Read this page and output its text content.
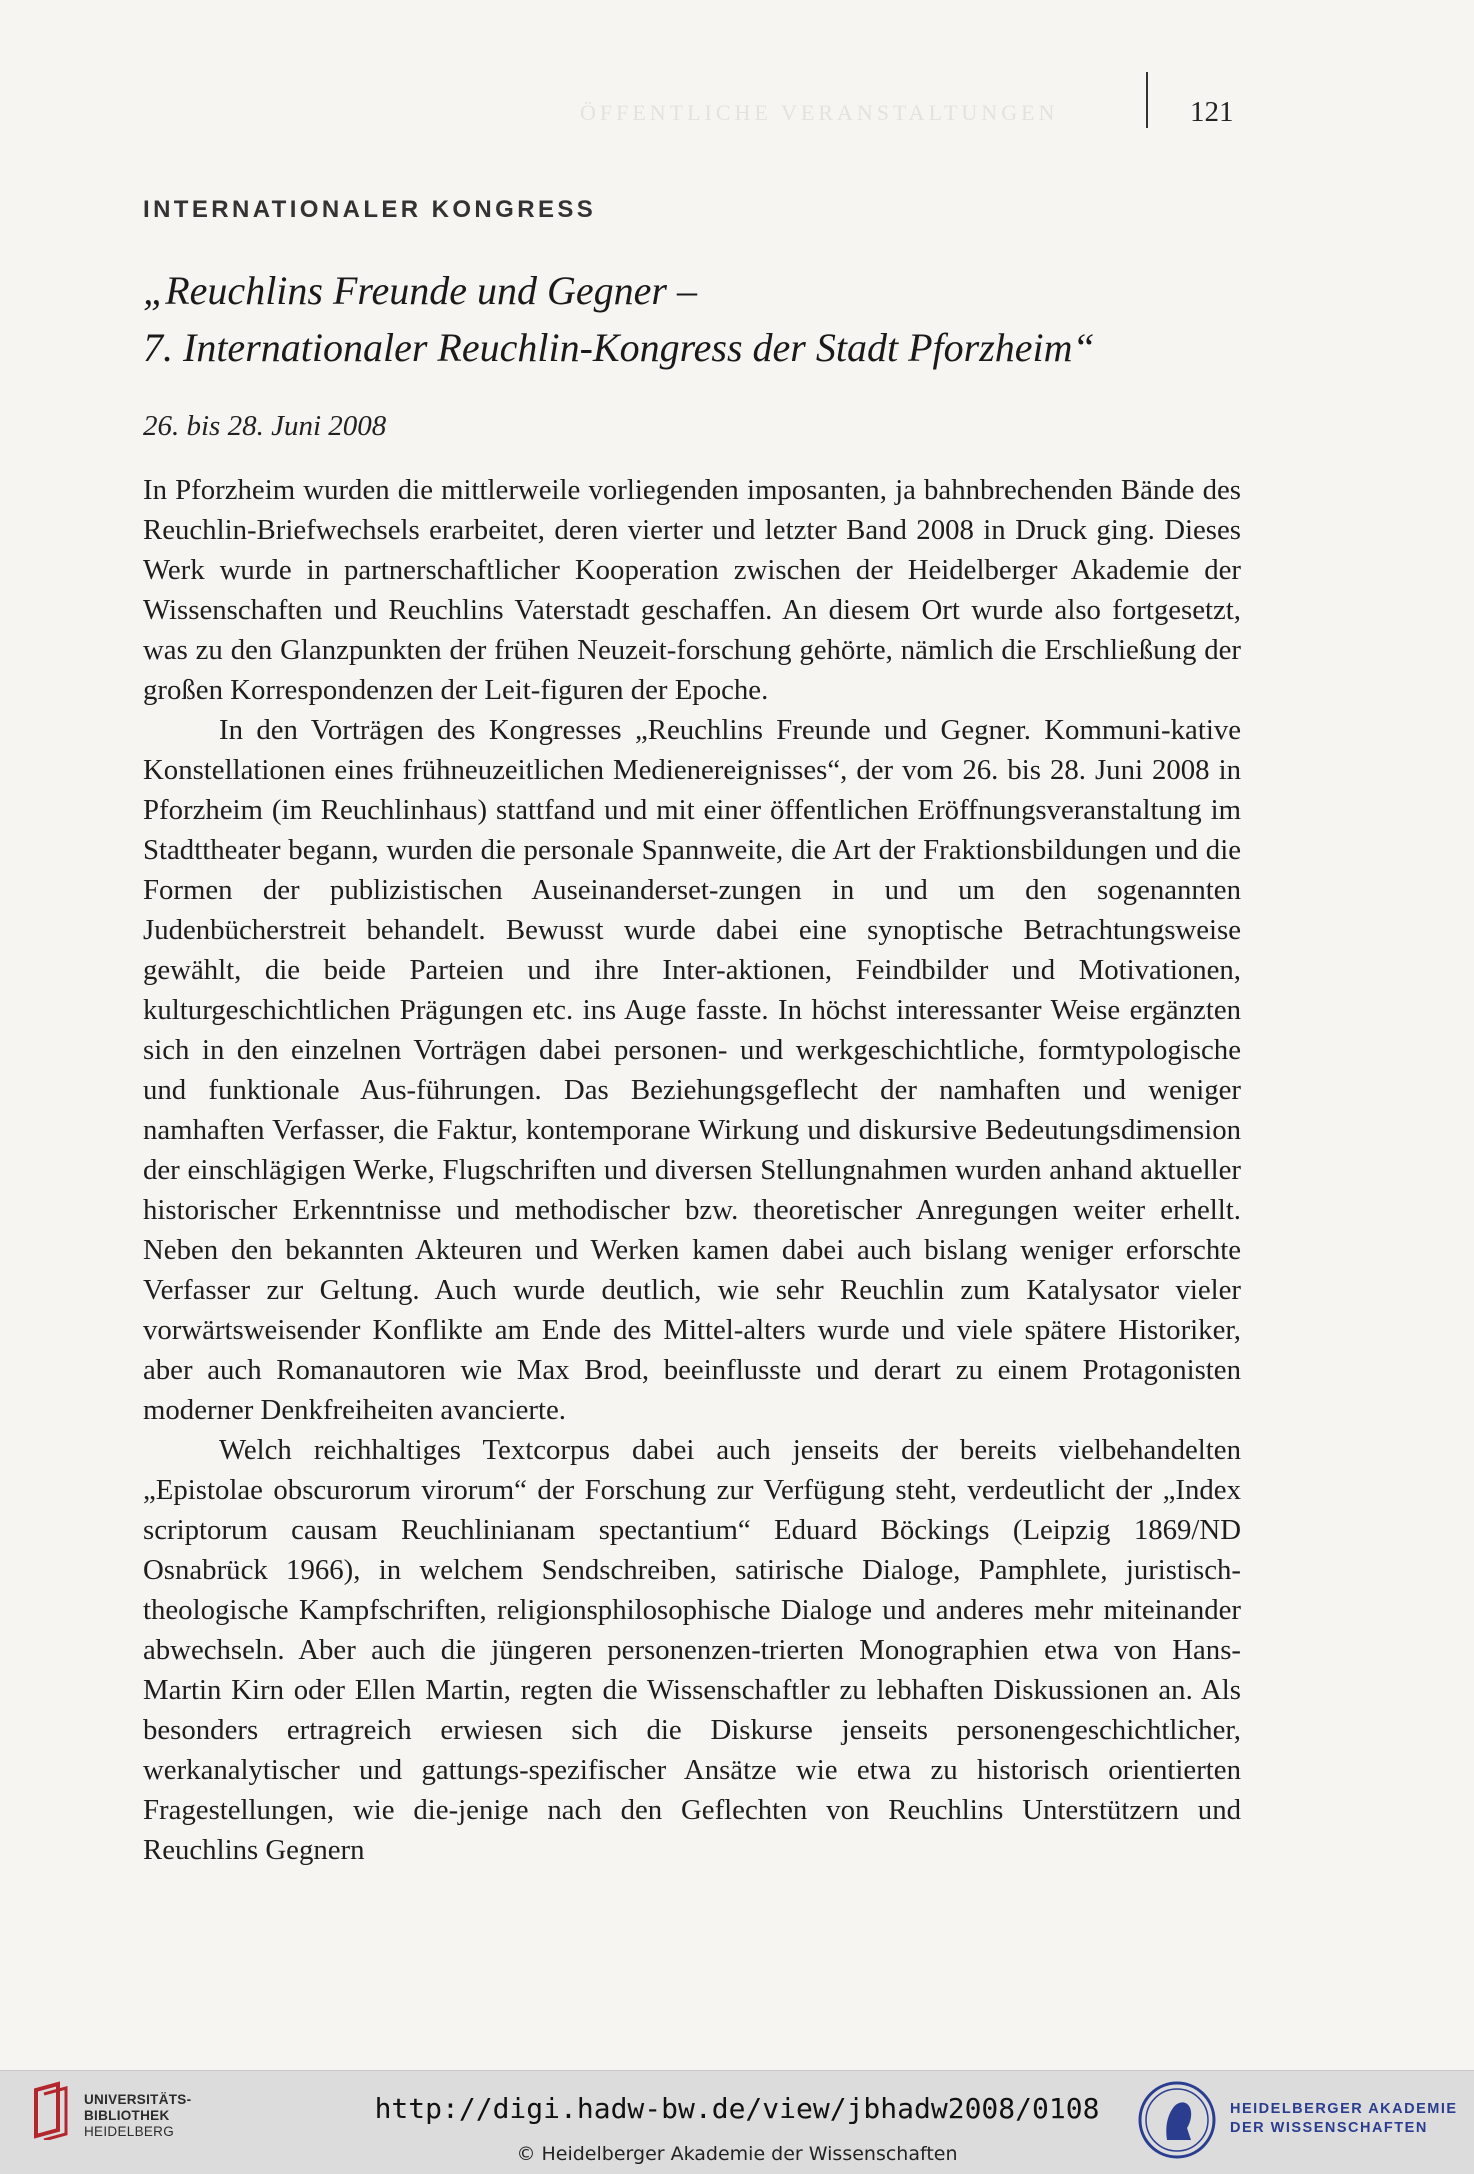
ÖFFENTLICHE VERANSTALTUNGEN	121
INTERNATIONALER KONGRESS
„Reuchlins Freunde und Gegner –
7. Internationaler Reuchlin-Kongress der Stadt Pforzheim“
26. bis 28. Juni 2008

In Pforzheim wurden die mittlerweile vorliegenden imposanten, ja bahnbrechenden Bände des Reuchlin-Briefwechsels erarbeitet, deren vierter und letzter Band 2008 in Druck ging. Dieses Werk wurde in partnerschaftlicher Kooperation zwischen der Heidelberger Akademie der Wissenschaften und Reuchlins Vaterstadt geschaffen. An diesem Ort wurde also fortgesetzt, was zu den Glanzpunkten der frühen Neuzeit-forschung gehörte, nämlich die Erschließung der großen Korrespondenzen der Leit-figuren der Epoche.

In den Vorträgen des Kongresses „Reuchlins Freunde und Gegner. Kommuni-kative Konstellationen eines frühneuzeitlichen Medienereignisses“, der vom 26. bis 28. Juni 2008 in Pforzheim (im Reuchlinhaus) stattfand und mit einer öffentlichen Eröffnungsveranstaltung im Stadttheater begann, wurden die personale Spannweite, die Art der Fraktionsbildungen und die Formen der publizistischen Auseinanderset-zungen in und um den sogenannten Judenbücherstreit behandelt. Bewusst wurde dabei eine synoptische Betrachtungsweise gewählt, die beide Parteien und ihre Inter-aktionen, Feindbilder und Motivationen, kulturgeschichtlichen Prägungen etc. ins Auge fasste. In höchst interessanter Weise ergänzten sich in den einzelnen Vorträgen dabei personen- und werkgeschichtliche, formtypologische und funktionale Aus-führungen. Das Beziehungsgeflecht der namhaften und weniger namhaften Verfasser, die Faktur, kontemporane Wirkung und diskursive Bedeutungsdimension der einschlägigen Werke, Flugschriften und diversen Stellungnahmen wurden anhand aktueller historischer Erkenntnisse und methodischer bzw. theoretischer Anregungen weiter erhellt. Neben den bekannten Akteuren und Werken kamen dabei auch bislang weniger erforschte Verfasser zur Geltung. Auch wurde deutlich, wie sehr Reuchlin zum Katalysator vieler vorwärtsweisender Konflikte am Ende des Mittel-alters wurde und viele spätere Historiker, aber auch Romanautoren wie Max Brod, beeinflusste und derart zu einem Protagonisten moderner Denkfreiheiten avancierte.

Welch reichhaltiges Textcorpus dabei auch jenseits der bereits vielbehandelten „Epistolae obscurorum virorum“ der Forschung zur Verfügung steht, verdeutlicht der „Index scriptorum causam Reuchlinianam spectantium“ Eduard Böckings (Leipzig 1869/ND Osnabrück 1966), in welchem Sendschreiben, satirische Dialoge, Pamphlete, juristisch-theologische Kampfschriften, religionsphilosophische Dialoge und anderes mehr miteinander abwechseln. Aber auch die jüngeren personenzen-trierten Monographien etwa von Hans-Martin Kirn oder Ellen Martin, regten die Wissenschaftler zu lebhaften Diskussionen an. Als besonders ertragreich erwiesen sich die Diskurse jenseits personengeschichtlicher, werkanalytischer und gattungs-spezifischer Ansätze wie etwa zu historisch orientierten Fragestellungen, wie die-jenige nach den Geflechten von Reuchlins Unterstützern und Reuchlins Gegnern

UNIVERSITÄTS-
BIBLIOTHEK
HEIDELBERG
http://digi.hadw-bw.de/view/jbhadw2008/0108
© Heidelberger Akademie der Wissenschaften
HEIDELBERGER AKADEMIE
DER WISSENSCHAFTEN
